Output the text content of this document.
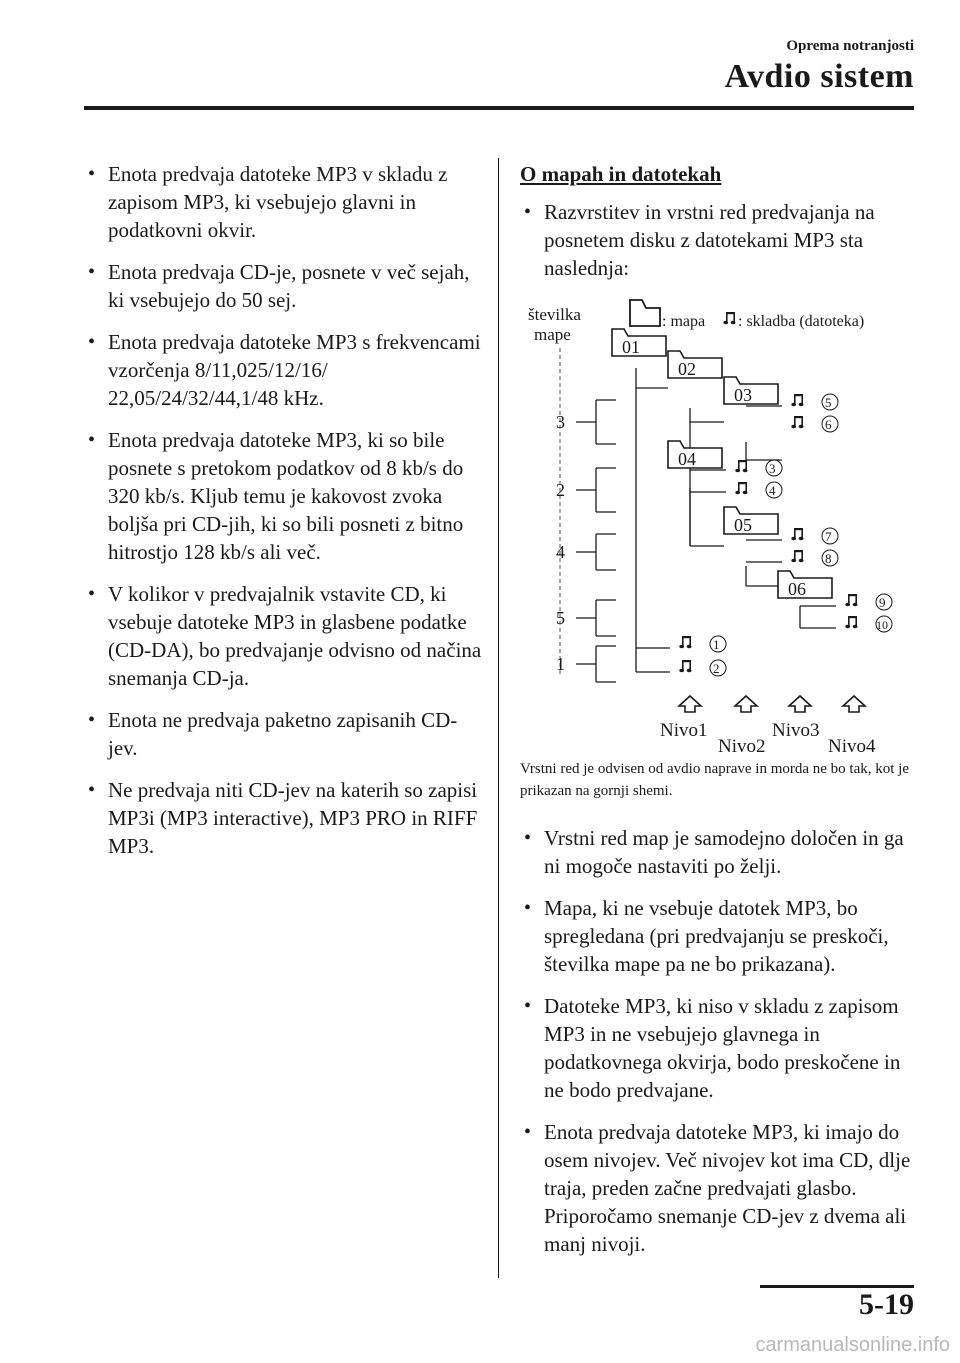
Oprema notranjosti
Avdio sistem
• Enota predvaja datoteke MP3 v skladu z zapisom MP3, ki vsebujejo glavni in podatkovni okvir.
• Enota predvaja CD-je, posnete v več sejah, ki vsebujejo do 50 sej.
• Enota predvaja datoteke MP3 s frekvencami vzorčenja 8/11,025/12/16/ 22,05/24/32/44,1/48 kHz.
• Enota predvaja datoteke MP3, ki so bile posnete s pretokom podatkov od 8 kb/s do 320 kb/s. Kljub temu je kakovost zvoka boljša pri CD-jih, ki so bili posneti z bitno hitrostjo 128 kb/s ali več.
• V kolikor v predvajalnik vstavite CD, ki vsebuje datoteke MP3 in glasbene podatke (CD-DA), bo predvajanje odvisno od načina snemanja CD-ja.
• Enota ne predvaja paketno zapisanih CD-jev.
• Ne predvaja niti CD-jev na katerih so zapisi MP3i (MP3 interactive), MP3 PRO in RIFF MP3.
O mapah in datotekah
• Razvrstitev in vrstni red predvajanja na posnetem disku z datotekami MP3 sta naslednja:
številka
mape
: mapa : skladba (datoteka)
01
02
03
04
05
06
5
6
3
4
7
8
9
10
1
2
3
2
4
5
1
Nivo1
Nivo2
Nivo3
Nivo4
Vrstni red je odvisen od avdio naprave in morda ne bo tak, kot je prikazan na gornji shemi.
• Vrstni red map je samodejno določen in ga ni mogoče nastaviti po želji.
• Mapa, ki ne vsebuje datotek MP3, bo spregledana (pri predvajanju se preskoči, številka mape pa ne bo prikazana).
• Datoteke MP3, ki niso v skladu z zapisom MP3 in ne vsebujejo glavnega in podatkovnega okvirja, bodo preskočene in ne bodo predvajane.
• Enota predvaja datoteke MP3, ki imajo do osem nivojev. Več nivojev kot ima CD, dlje traja, preden začne predvajati glasbo. Priporočamo snemanje CD-jev z dvema ali manj nivoji.
5-19
carmanualsonline.info
